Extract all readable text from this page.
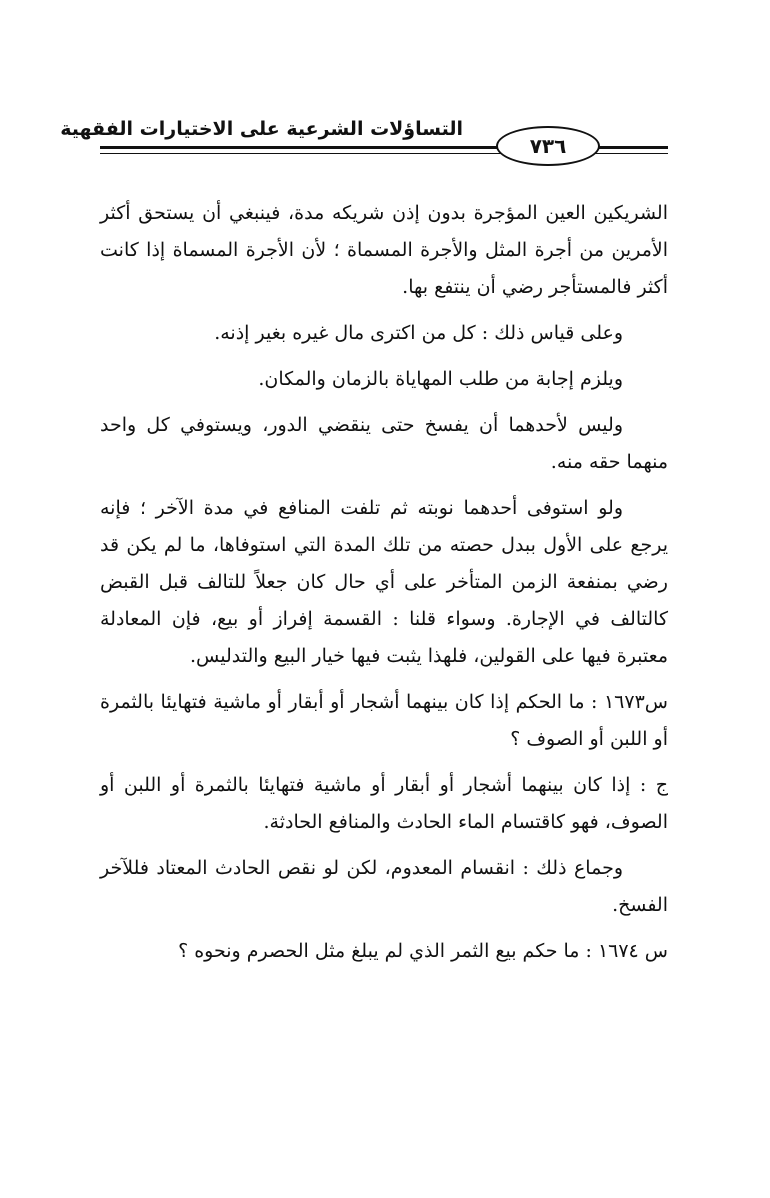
التساؤلات الشرعية على الاختيارات الفقهية
٧٣٦

الشريكين العين المؤجرة بدون إذن شريكه مدة، فينبغي أن يستحق أكثر الأمرين من أجرة المثل والأجرة المسماة ؛ لأن الأجرة المسماة إذا كانت أكثر فالمستأجر رضي أن ينتفع بها.

وعلى قياس ذلك : كل من اكترى مال غيره بغير إذنه.

ويلزم إجابة من طلب المهاياة بالزمان والمكان.

وليس لأحدهما أن يفسخ حتى ينقضي الدور، ويستوفي كل واحد منهما حقه منه.

ولو استوفى أحدهما نوبته ثم تلفت المنافع في مدة الآخر ؛ فإنه يرجع على الأول ببدل حصته من تلك المدة التي استوفاها، ما لم يكن قد رضي بمنفعة الزمن المتأخر على أي حال كان جعلاً للتالف قبل القبض كالتالف في الإجارة. وسواء قلنا : القسمة إفراز أو بيع، فإن المعادلة معتبرة فيها على القولين، فلهذا يثبت فيها خيار البيع والتدليس.

س١٦٧٣ : ما الحكم إذا كان بينهما أشجار أو أبقار أو ماشية فتهايئا بالثمرة أو اللبن أو الصوف ؟

ج : إذا كان بينهما أشجار أو أبقار أو ماشية فتهايئا بالثمرة أو اللبن أو الصوف، فهو كاقتسام الماء الحادث والمنافع الحادثة.

وجماع ذلك : انقسام المعدوم، لكن لو نقص الحادث المعتاد فللآخر الفسخ.

س ١٦٧٤ : ما حكم بيع الثمر الذي لم يبلغ مثل الحصرم ونحوه ؟
